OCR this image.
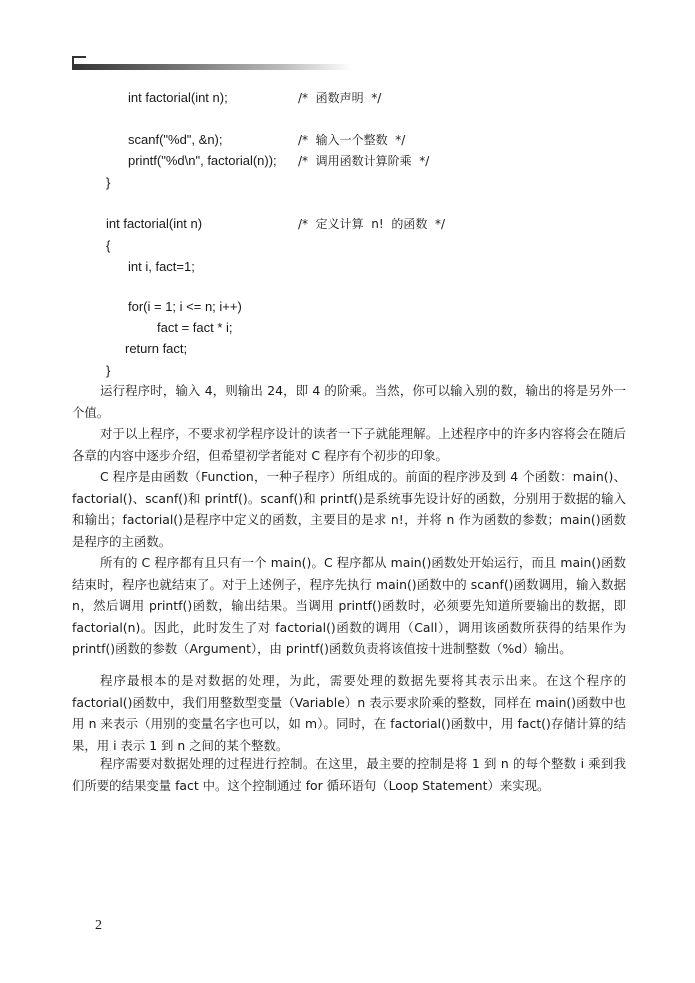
int factorial(int n);	/*  函数声明  */
scanf("%d", &n);	/*  输入一个整数  */
printf("%d\n", factorial(n)); /*  调用函数计算阶乘  */
}
int factorial(int n)	/*  定义计算  n!  的函数  */
{
int i, fact=1;
for(i = 1; i <= n; i++)
fact = fact * i;
return fact;
}

运行程序时，输入 4，则输出 24，即 4 的阶乘。当然，你可以输入别的数，输出的将是另外一个值。

对于以上程序，不要求初学程序设计的读者一下子就能理解。上述程序中的许多内容将会在随后各章的内容中逐步介绍，但希望初学者能对 C 程序有个初步的印象。

C 程序是由函数（Function，一种子程序）所组成的。前面的程序涉及到 4 个函数：main()、factorial()、scanf()和 printf()。scanf()和 printf()是系统事先设计好的函数，分别用于数据的输入和输出；factorial()是程序中定义的函数，主要目的是求 n!，并将 n 作为函数的参数；main()函数是程序的主函数。

所有的 C 程序都有且只有一个 main()。C 程序都从 main()函数处开始运行，而且 main()函数结束时，程序也就结束了。对于上述例子，程序先执行 main()函数中的 scanf()函数调用，输入数据 n，然后调用 printf()函数，输出结果。当调用 printf()函数时，必须要先知道所要输出的数据，即 factorial(n)。因此，此时发生了对 factorial()函数的调用（Call），调用该函数所获得的结果作为 printf()函数的参数（Argument），由 printf()函数负责将该值按十进制整数（%d）输出。

程序最根本的是对数据的处理，为此，需要处理的数据先要将其表示出来。在这个程序的 factorial()函数中，我们用整数型变量（Variable）n 表示要求阶乘的整数，同样在 main()函数中也用 n 来表示（用别的变量名字也可以，如 m）。同时，在 factorial()函数中，用 fact()存储计算的结果，用 i 表示 1 到 n 之间的某个整数。

程序需要对数据处理的过程进行控制。在这里，最主要的控制是将 1 到 n 的每个整数 i 乘到我们所要的结果变量 fact 中。这个控制通过 for 循环语句（Loop Statement）来实现。

2
